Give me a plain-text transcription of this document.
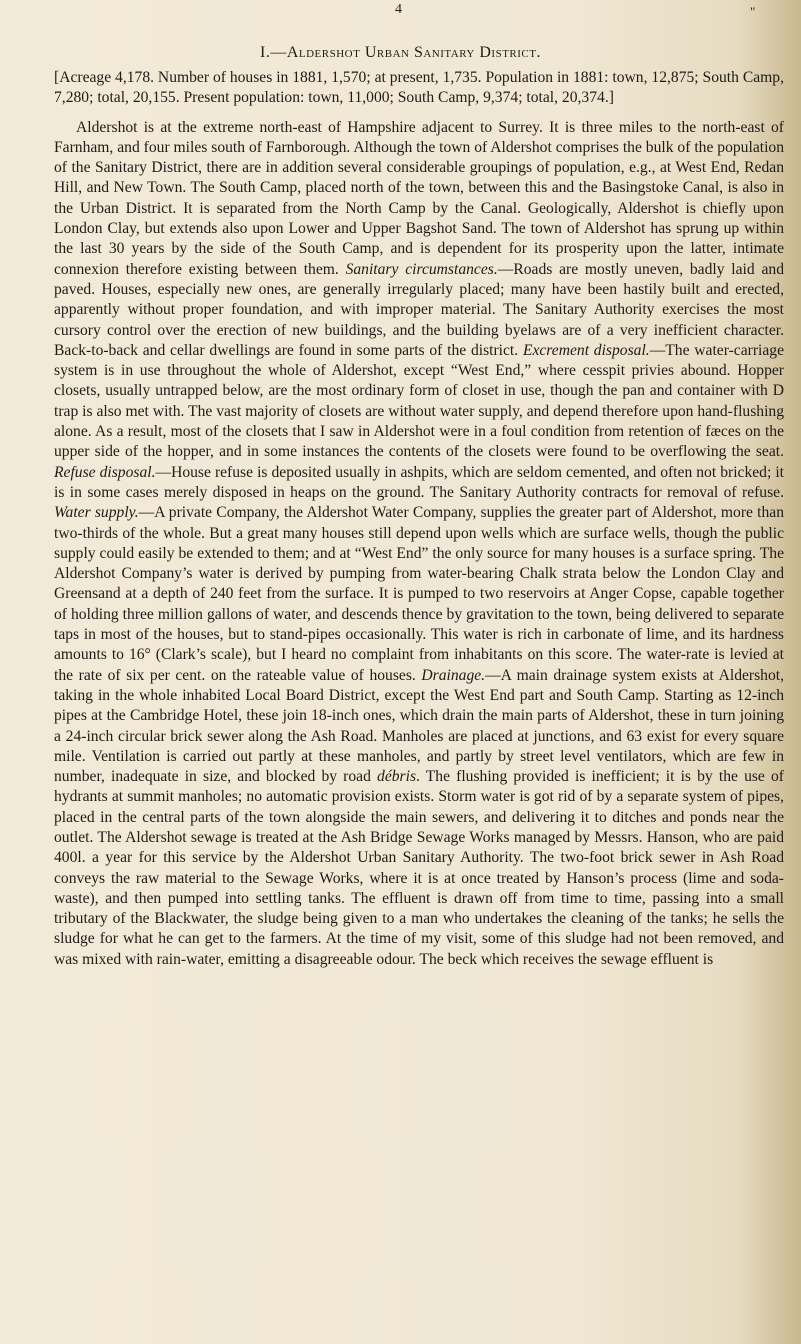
4	"
I.—Aldershot Urban Sanitary District.

[Acreage 4,178. Number of houses in 1881, 1,570; at present, 1,735. Population in 1881: town, 12,875; South Camp, 7,280; total, 20,155. Present population: town, 11,000; South Camp, 9,374; total, 20,374.]

Aldershot is at the extreme north-east of Hampshire adjacent to Surrey. It is three miles to the north-east of Farnham, and four miles south of Farnborough. Although the town of Aldershot comprises the bulk of the population of the Sanitary District, there are in addition several considerable groupings of population, e.g., at West End, Redan Hill, and New Town. The South Camp, placed north of the town, between this and the Basingstoke Canal, is also in the Urban District. It is separated from the North Camp by the Canal. Geologically, Aldershot is chiefly upon London Clay, but extends also upon Lower and Upper Bagshot Sand. The town of Aldershot has sprung up within the last 30 years by the side of the South Camp, and is dependent for its prosperity upon the latter, intimate connexion therefore existing between them. Sanitary circumstances.—Roads are mostly uneven, badly laid and paved. Houses, especially new ones, are generally irregularly placed; many have been hastily built and erected, apparently without proper foundation, and with improper material. The Sanitary Authority exercises the most cursory control over the erection of new buildings, and the building byelaws are of a very inefficient character. Back-to-back and cellar dwellings are found in some parts of the district. Excrement disposal.—The water-carriage system is in use throughout the whole of Aldershot, except “West End,” where cesspit privies abound. Hopper closets, usually untrapped below, are the most ordinary form of closet in use, though the pan and container with D trap is also met with. The vast majority of closets are without water supply, and depend therefore upon hand-flushing alone. As a result, most of the closets that I saw in Aldershot were in a foul condition from retention of fæces on the upper side of the hopper, and in some instances the contents of the closets were found to be overflowing the seat. Refuse disposal.—House refuse is deposited usually in ashpits, which are seldom cemented, and often not bricked; it is in some cases merely disposed in heaps on the ground. The Sanitary Authority contracts for removal of refuse. Water supply.—A private Company, the Aldershot Water Company, supplies the greater part of Aldershot, more than two-thirds of the whole. But a great many houses still depend upon wells which are surface wells, though the public supply could easily be extended to them; and at “West End” the only source for many houses is a surface spring. The Aldershot Company’s water is derived by pumping from water-bearing Chalk strata below the London Clay and Greensand at a depth of 240 feet from the surface. It is pumped to two reservoirs at Anger Copse, capable together of holding three million gallons of water, and descends thence by gravitation to the town, being delivered to separate taps in most of the houses, but to stand-pipes occasionally. This water is rich in carbonate of lime, and its hardness amounts to 16° (Clark’s scale), but I heard no complaint from inhabitants on this score. The water-rate is levied at the rate of six per cent. on the rateable value of houses. Drainage.—A main drainage system exists at Aldershot, taking in the whole inhabited Local Board District, except the West End part and South Camp. Starting as 12-inch pipes at the Cambridge Hotel, these join 18-inch ones, which drain the main parts of Aldershot, these in turn joining a 24-inch circular brick sewer along the Ash Road. Manholes are placed at junctions, and 63 exist for every square mile. Ventilation is carried out partly at these manholes, and partly by street level ventilators, which are few in number, inadequate in size, and blocked by road débris. The flushing provided is inefficient; it is by the use of hydrants at summit manholes; no automatic provision exists. Storm water is got rid of by a separate system of pipes, placed in the central parts of the town alongside the main sewers, and delivering it to ditches and ponds near the outlet. The Aldershot sewage is treated at the Ash Bridge Sewage Works managed by Messrs. Hanson, who are paid 400l. a year for this service by the Aldershot Urban Sanitary Authority. The two-foot brick sewer in Ash Road conveys the raw material to the Sewage Works, where it is at once treated by Hanson’s process (lime and soda-waste), and then pumped into settling tanks. The effluent is drawn off from time to time, passing into a small tributary of the Blackwater, the sludge being given to a man who undertakes the cleaning of the tanks; he sells the sludge for what he can get to the farmers. At the time of my visit, some of this sludge had not been removed, and was mixed with rain-water, emitting a disagreeable odour. The beck which receives the sewage effluent is
